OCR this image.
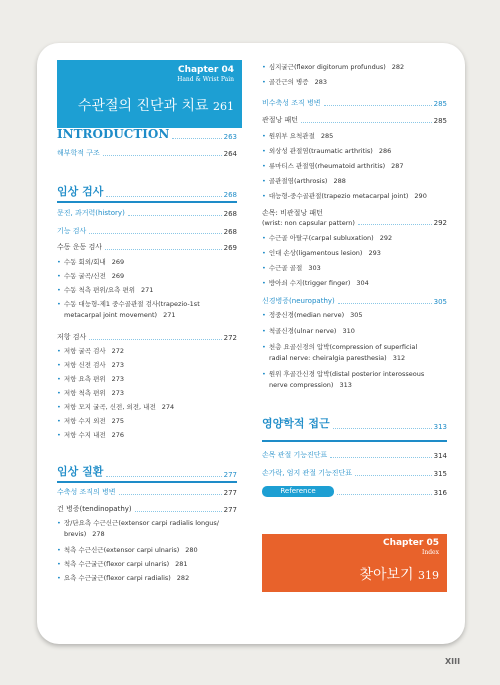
Chapter 04
Hand & Wrist Pain
수관절의 진단과 치료 261
INTRODUCTION	263
해부학적 구조	264
임상 검사	268
문진, 과거력(history)	268
기능 검사	268
수동 운동 검사	269
• 수동 회외/회내 269
• 수동 굴곡/신전 269
• 수동 척측 편위/요측 편위 271
• 수동 대능형-제1 중수골관절 검사(trapezio-1st
metacarpal joint movement) 271
저항 검사	272
• 저항 굴곡 검사 272
• 저항 신전 검사 273
• 저항 요측 편위 273
• 저항 척측 편위 273
• 저항 모지 굴곡, 신전, 외전, 내전 274
• 저항 수지 외전 275
• 저항 수지 내전 276
임상 질환	277
수축성 조직의 병변	277
건 병증(tendinopathy)	277
• 장/단요측 수근신근(extensor carpi radialis longus/
brevis) 278
• 척측 수근신근(extensor carpi ulnaris) 280
• 척측 수근굴근(flexor carpi ulnaris) 281
• 요측 수근굴근(flexor carpi radialis) 282
• 심지굴근(flexor digitorum profundus) 282
• 골간근의 병증 283
비수축성 조직 병변	285
관절낭 패턴	285
• 원위부 요척관절 285
• 외상성 관절염(traumatic arthritis) 286
• 류마티스 관절염(rheumatoid arthritis) 287
• 골관절염(arthrosis) 288
• 대능형-중수골관절(trapezio metacarpal joint) 290
손목: 비관절낭 패턴
(wrist: non capsular pattern)	292
• 수근골 아탈구(carpal subluxation) 292
• 인대 손상(ligamentous lesion) 293
• 수근골 골절 303
• 방아쇠 수지(trigger finger) 304
신경병증(neuropathy)	305
• 정중신경(median nerve) 305
• 척골신경(ulnar nerve) 310
• 천층 요골신경의 압박(compression of superficial
radial nerve: cheiralgia paresthesia) 312
• 원위 후골간신경 압박(distal posterior interosseous
nerve compression) 313
영양학적 접근	313
손목 관절 기능진단표	314
손가락, 엄지 관절 기능진단표	315
Reference	316
Chapter 05
Index
찾아보기 319
XIII
